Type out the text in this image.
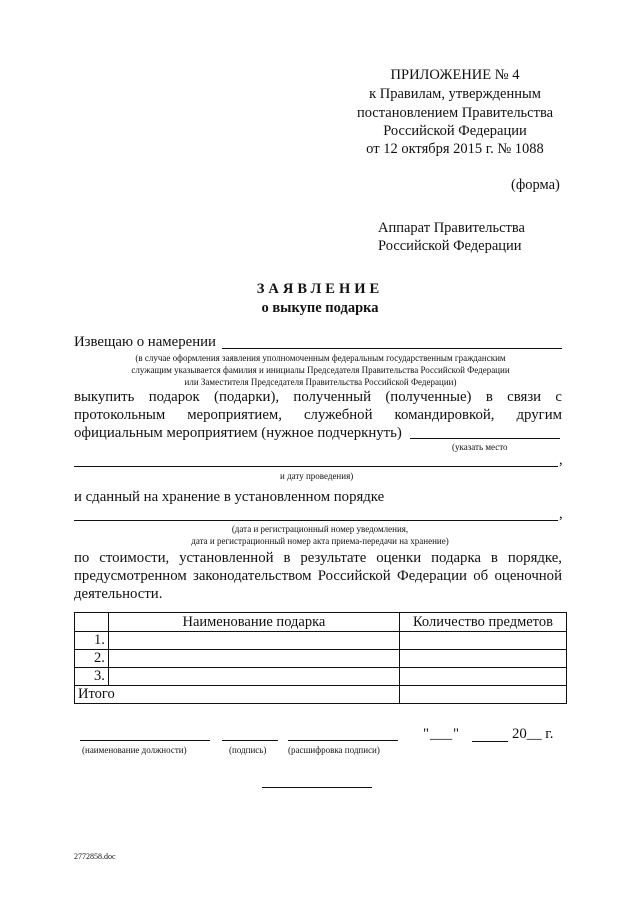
ПРИЛОЖЕНИЕ № 4
к Правилам, утвержденным
постановлением Правительства
Российской Федерации
от 12 октября 2015 г. № 1088
(форма)
Аппарат Правительства
Российской Федерации
ЗАЯВЛЕНИЕ
о выкупе подарка
Извещаю о намерении
(в случае оформления заявления уполномоченным федеральным государственным гражданским
служащим указывается фамилия и инициалы Председателя Правительства Российской Федерации
или Заместителя Председателя Правительства Российской Федерации)
выкупить подарок (подарки), полученный (полученные) в связи с
протокольным мероприятием, служебной командировкой, другим
официальным мероприятием (нужное подчеркнуть)
(указать место
,
и дату проведения)
и сданный на хранение в установленном порядке
,
(дата и регистрационный номер уведомления,
дата и регистрационный номер акта приема-передачи на хранение)
по стоимости, установленной в результате оценки подарка в порядке,
предусмотренном законодательством Российской Федерации об оценочной
деятельности.
	Наименование подарка	Количество предметов
1.		
2.		
3.		
Итого		
(наименование должности)	(подпись) (расшифровка подписи)
" ___ "	20__ г.
2772858.doc
